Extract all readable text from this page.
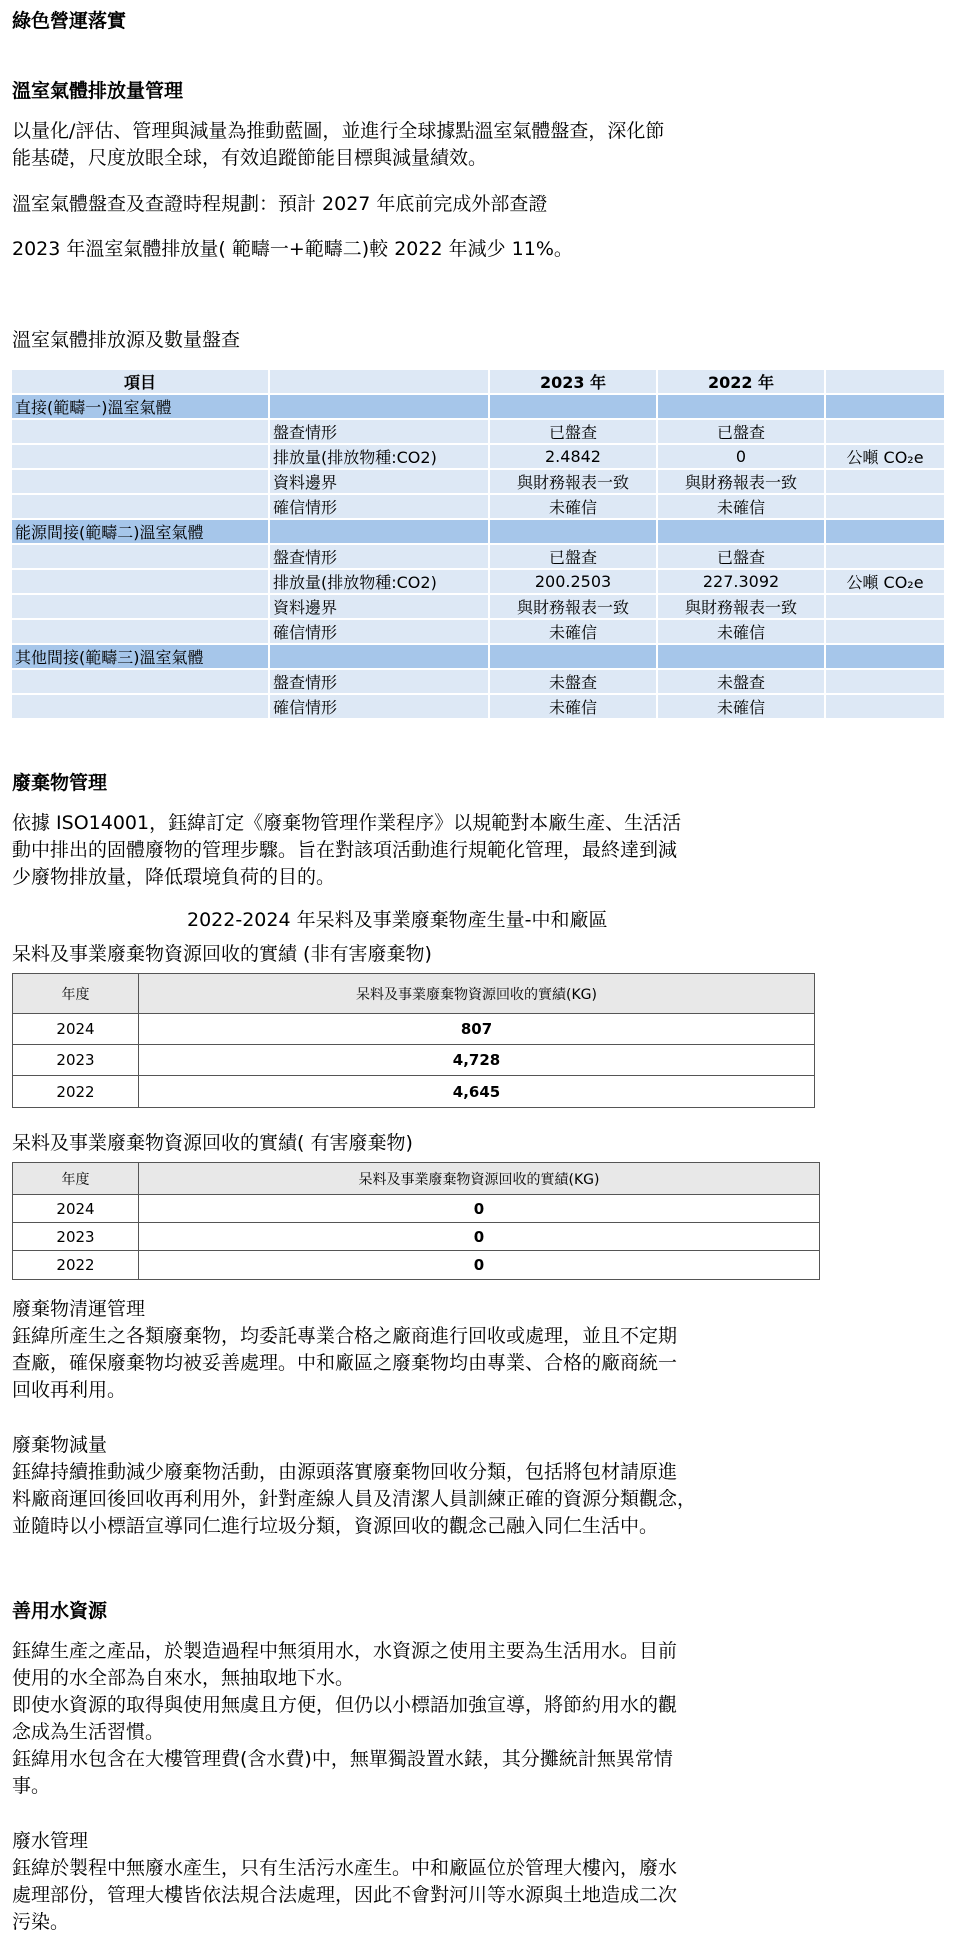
綠色營運落實
溫室氣體排放量管理
以量化/評估、管理與減量為推動藍圖，並進行全球據點溫室氣體盤查，深化節
能基礎，尺度放眼全球，有效追蹤節能目標與減量績效。
溫室氣體盤查及查證時程規劃：預計 2027 年底前完成外部查證
2023 年溫室氣體排放量( 範疇一+範疇二)較 2022 年減少 11%。
溫室氣體排放源及數量盤查
項目		2023 年	2022 年	
直接(範疇一)溫室氣體				
	盤查情形	已盤查	已盤查	
	排放量(排放物種:CO2)	2.4842	0	公噸 CO₂e
	資料邊界	與財務報表一致	與財務報表一致	
	確信情形	未確信	未確信	
能源間接(範疇二)溫室氣體				
	盤查情形	已盤查	已盤查	
	排放量(排放物種:CO2)	200.2503	227.3092	公噸 CO₂e
	資料邊界	與財務報表一致	與財務報表一致	
	確信情形	未確信	未確信	
其他間接(範疇三)溫室氣體				
	盤查情形	未盤查	未盤查	
	確信情形	未確信	未確信	
廢棄物管理
依據 ISO14001，鈺緯訂定《廢棄物管理作業程序》以規範對本廠生產、生活活
動中排出的固體廢物的管理步驟。旨在對該項活動進行規範化管理，最終達到減
少廢物排放量，降低環境負荷的目的。
2022-2024 年呆料及事業廢棄物產生量-中和廠區
呆料及事業廢棄物資源回收的實績 (非有害廢棄物)
年度	呆料及事業廢棄物資源回收的實績(KG)
2024	807
2023	4,728
2022	4,645
呆料及事業廢棄物資源回收的實績( 有害廢棄物)
年度	呆料及事業廢棄物資源回收的實績(KG)
2024	0
2023	0
2022	0
廢棄物清運管理
鈺緯所產生之各類廢棄物，均委託專業合格之廠商進行回收或處理，並且不定期
查廠，確保廢棄物均被妥善處理。中和廠區之廢棄物均由專業、合格的廠商統一
回收再利用。
廢棄物減量
鈺緯持續推動減少廢棄物活動，由源頭落實廢棄物回收分類，包括將包材請原進
料廠商運回後回收再利用外，針對產線人員及清潔人員訓練正確的資源分類觀念，
並隨時以小標語宣導同仁進行垃圾分類，資源回收的觀念己融入同仁生活中。
善用水資源
鈺緯生產之產品，於製造過程中無須用水，水資源之使用主要為生活用水。目前
使用的水全部為自來水，無抽取地下水。
即使水資源的取得與使用無虞且方便，但仍以小標語加強宣導，將節約用水的觀
念成為生活習慣。
鈺緯用水包含在大樓管理費(含水費)中，無單獨設置水錶，其分攤統計無異常情
事。
廢水管理
鈺緯於製程中無廢水產生，只有生活污水產生。中和廠區位於管理大樓內，廢水
處理部份，管理大樓皆依法規合法處理，因此不會對河川等水源與土地造成二次
污染。
